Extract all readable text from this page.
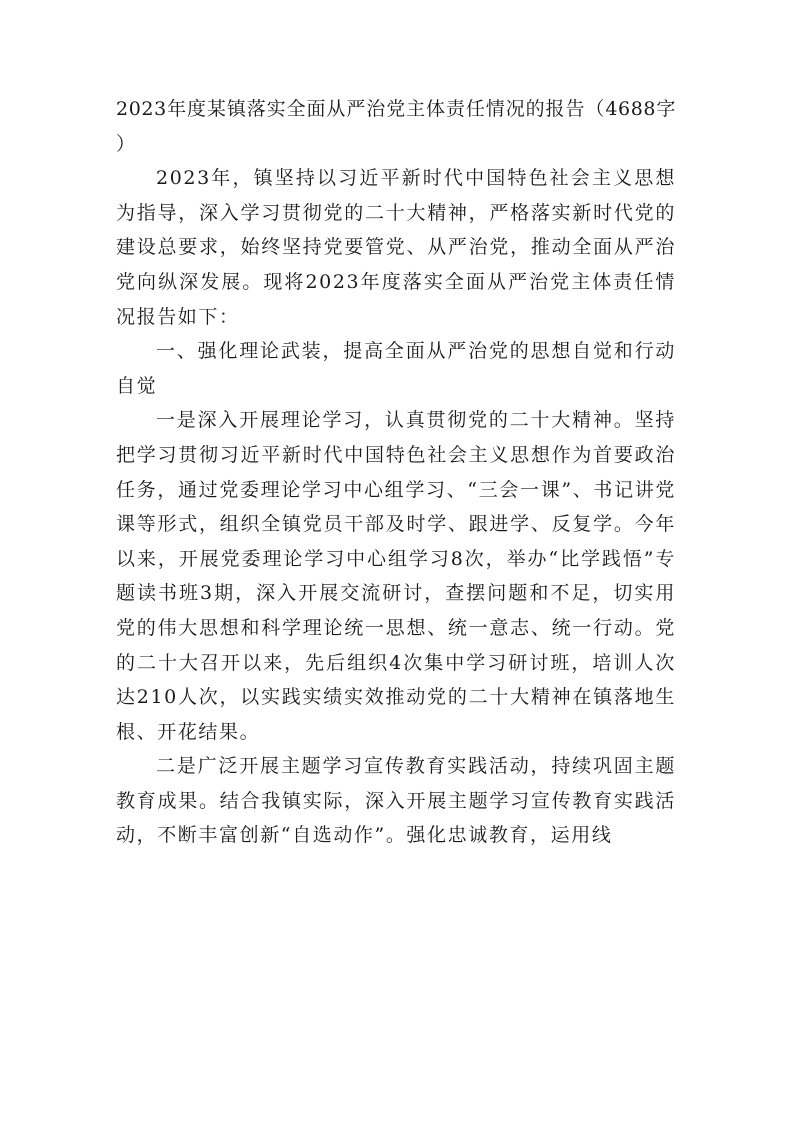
2023年度某镇落实全面从严治党主体责任情况的报告（4688字）

2023年，镇坚持以习近平新时代中国特色社会主义思想为指导，深入学习贯彻党的二十大精神，严格落实新时代党的建设总要求，始终坚持党要管党、从严治党，推动全面从严治党向纵深发展。现将2023年度落实全面从严治党主体责任情况报告如下：

一、强化理论武装，提高全面从严治党的思想自觉和行动自觉

一是深入开展理论学习，认真贯彻党的二十大精神。坚持把学习贯彻习近平新时代中国特色社会主义思想作为首要政治任务，通过党委理论学习中心组学习、“三会一课”、书记讲党课等形式，组织全镇党员干部及时学、跟进学、反复学。今年以来，开展党委理论学习中心组学习8次，举办“比学践悟”专题读书班3期，深入开展交流研讨，查摆问题和不足，切实用党的伟大思想和科学理论统一思想、统一意志、统一行动。党的二十大召开以来，先后组织4次集中学习研讨班，培训人次达210人次，以实践实绩实效推动党的二十大精神在镇落地生根、开花结果。

二是广泛开展主题学习宣传教育实践活动，持续巩固主题教育成果。结合我镇实际，深入开展主题学习宣传教育实践活动，不断丰富创新“自选动作”。强化忠诚教育，运用线
